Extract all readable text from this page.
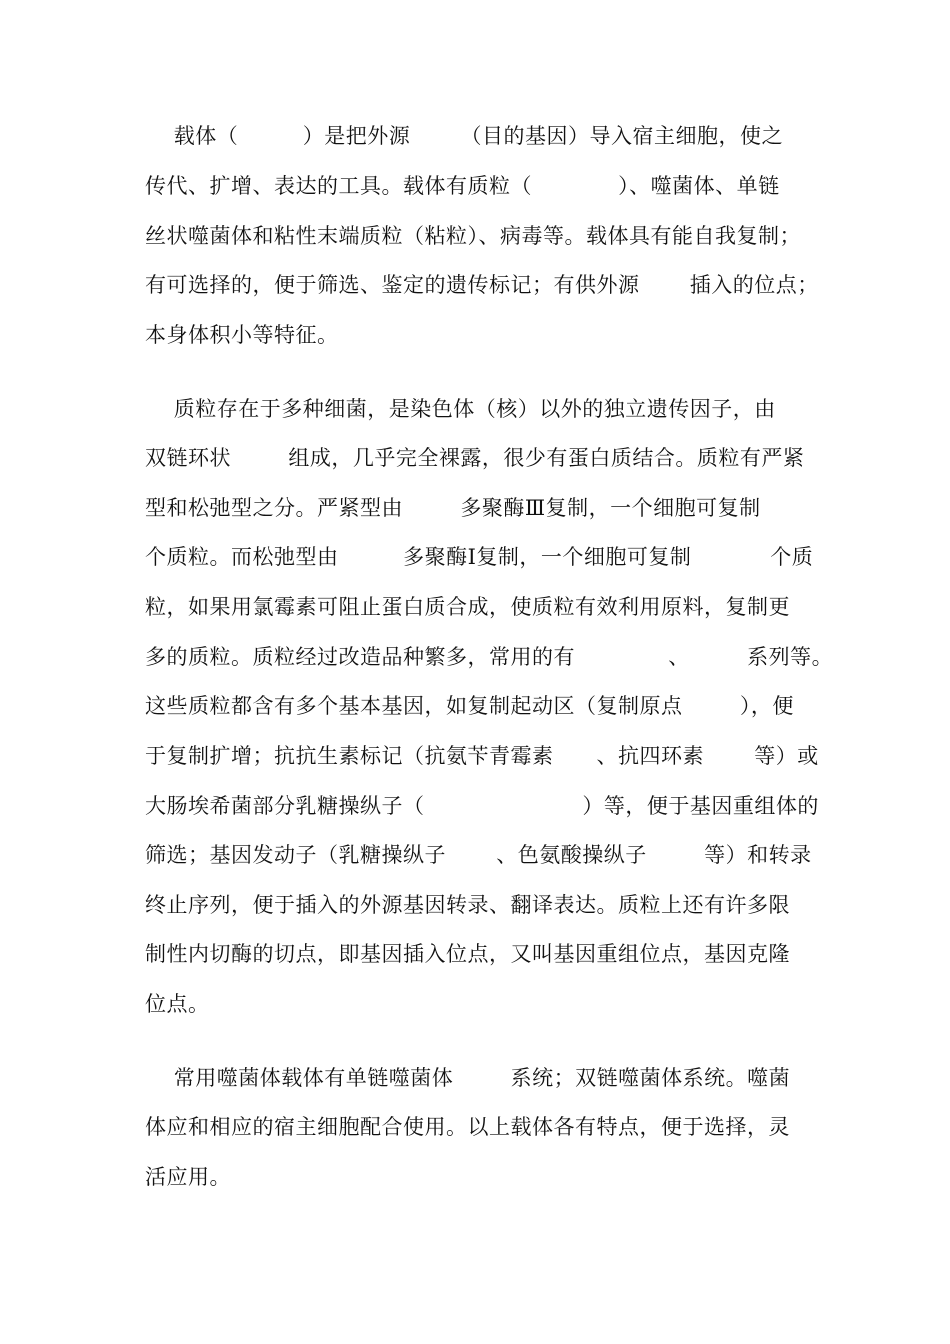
载体（         ）是把外源       （目的基因）导入宿主细胞，使之
传代、扩增、表达的工具。载体有质粒（            ）、噬菌体、单链
丝状噬菌体和粘性末端质粒（粘粒）、病毒等。载体具有能自我复制；
有可选择的，便于筛选、鉴定的遗传标记；有供外源       插入的位点；
本身体积小等特征。
质粒存在于多种细菌，是染色体（核）以外的独立遗传因子，由
双链环状        组成，几乎完全裸露，很少有蛋白质结合。质粒有严紧
型和松弛型之分。严紧型由        多聚酶Ⅲ复制，一个细胞可复制
个质粒。而松弛型由         多聚酶Ⅰ复制，一个细胞可复制           个质
粒，如果用氯霉素可阻止蛋白质合成，使质粒有效利用原料，复制更
多的质粒。质粒经过改造品种繁多，常用的有             、        系列等。
这些质粒都含有多个基本基因，如复制起动区（复制原点        ），便
于复制扩增；抗抗生素标记（抗氨苄青霉素      、抗四环素       等）或
大肠埃希菌部分乳糖操纵子（                      ）等，便于基因重组体的
筛选；基因发动子（乳糖操纵子       、色氨酸操纵子        等）和转录
终止序列，便于插入的外源基因转录、翻译表达。质粒上还有许多限
制性内切酶的切点，即基因插入位点，又叫基因重组位点，基因克隆
位点。
常用噬菌体载体有单链噬菌体        系统；双链噬菌体系统。噬菌
体应和相应的宿主细胞配合使用。以上载体各有特点，便于选择，灵
活应用。
